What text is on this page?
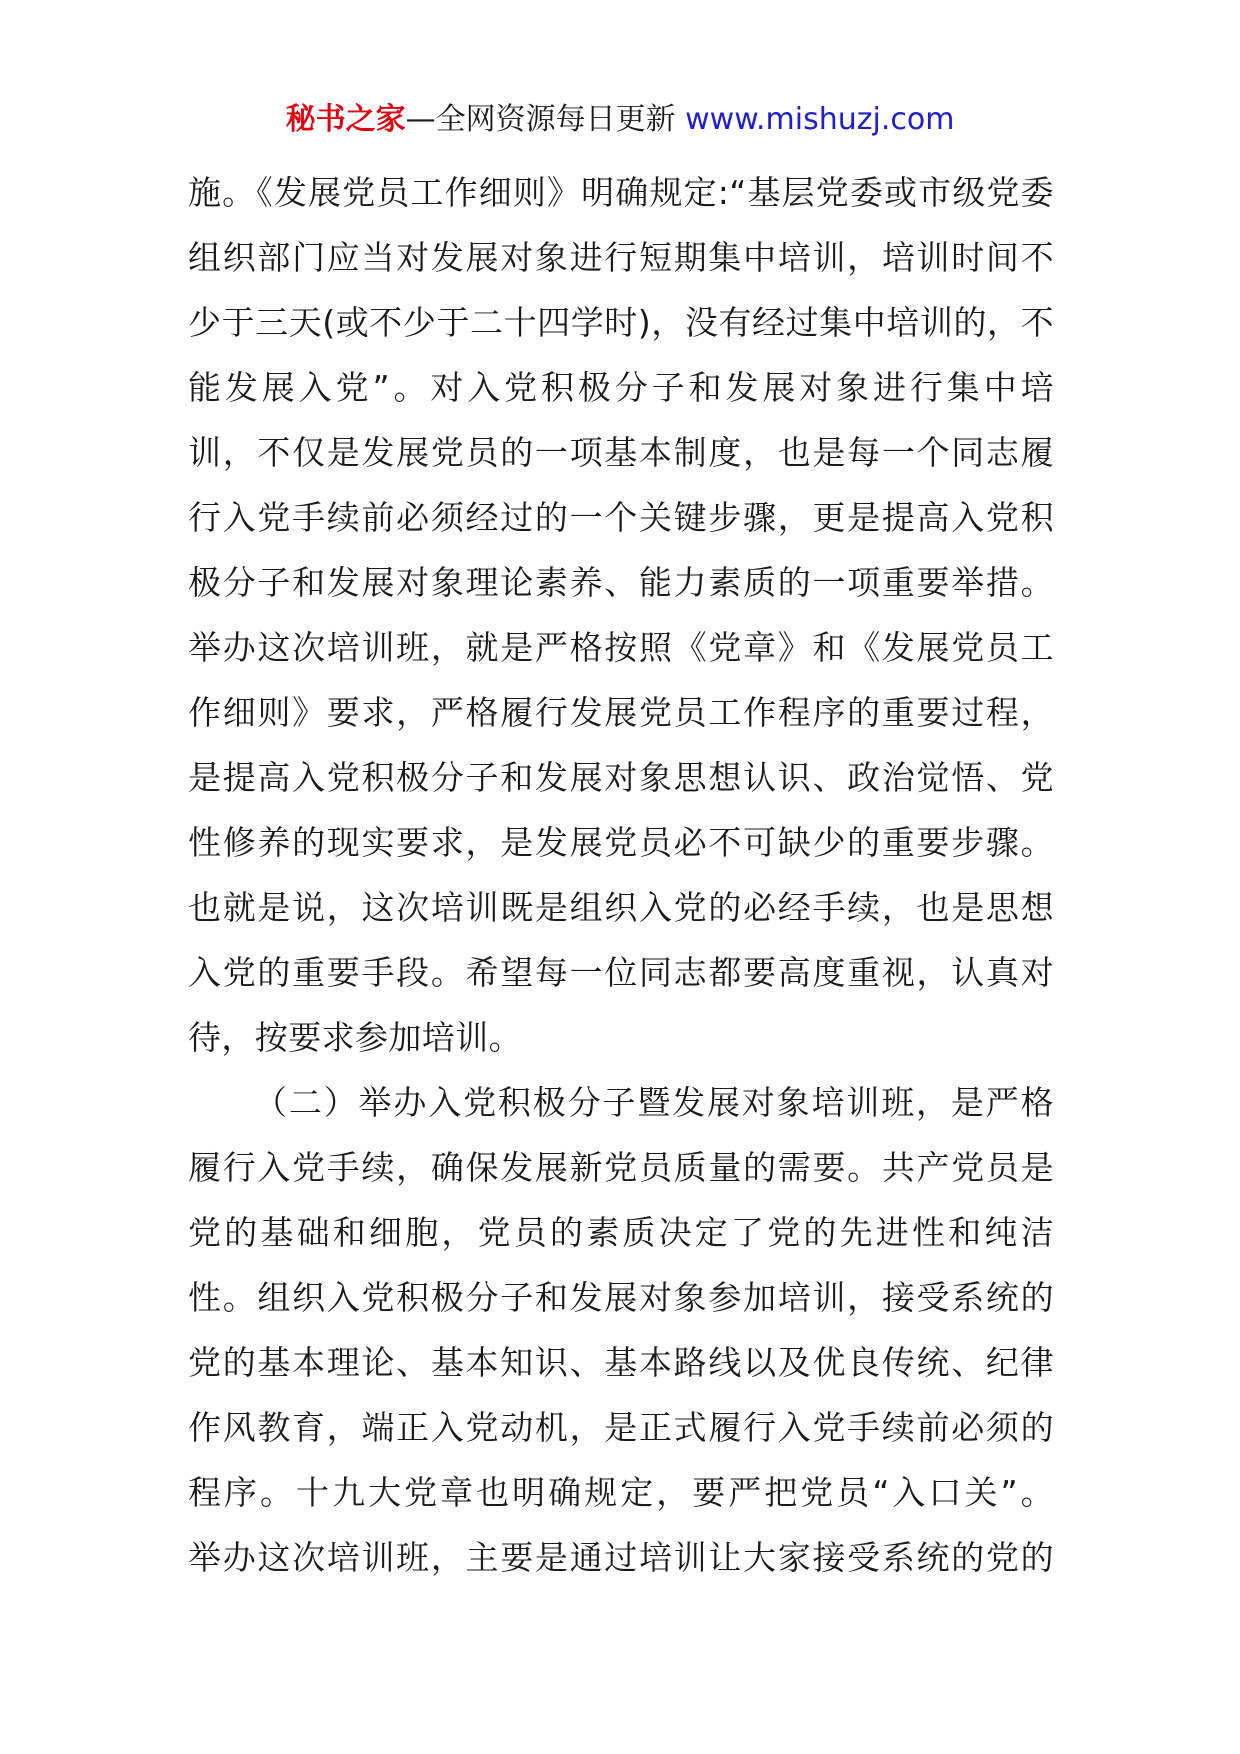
秘书之家—全网资源每日更新 www.mishuzj.com
施。《发展党员工作细则》明确规定:“基层党委或市级党委
组织部门应当对发展对象进行短期集中培训，培训时间不
少于三天(或不少于二十四学时)，没有经过集中培训的，不
能发展入党”。对入党积极分子和发展对象进行集中培
训，不仅是发展党员的一项基本制度，也是每一个同志履
行入党手续前必须经过的一个关键步骤，更是提高入党积
极分子和发展对象理论素养、能力素质的一项重要举措。
举办这次培训班，就是严格按照《党章》和《发展党员工
作细则》要求，严格履行发展党员工作程序的重要过程，
是提高入党积极分子和发展对象思想认识、政治觉悟、党
性修养的现实要求，是发展党员必不可缺少的重要步骤。
也就是说，这次培训既是组织入党的必经手续，也是思想
入党的重要手段。希望每一位同志都要高度重视，认真对
待，按要求参加培训。
（二）举办入党积极分子暨发展对象培训班，是严格
履行入党手续，确保发展新党员质量的需要。共产党员是
党的基础和细胞，党员的素质决定了党的先进性和纯洁
性。组织入党积极分子和发展对象参加培训，接受系统的
党的基本理论、基本知识、基本路线以及优良传统、纪律
作风教育，端正入党动机，是正式履行入党手续前必须的
程序。十九大党章也明确规定，要严把党员“入口关”。
举办这次培训班，主要是通过培训让大家接受系统的党的
